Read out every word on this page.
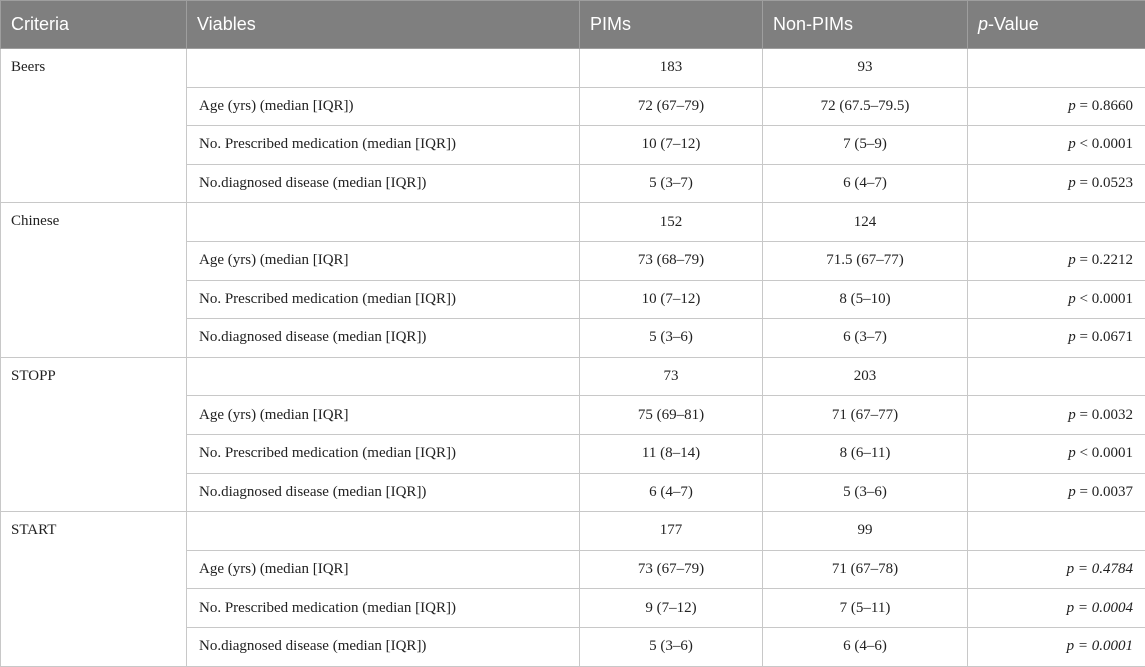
Criteria	Viables	PIMs	Non-PIMs	p-Value
Beers		183	93	
	Age (yrs) (median [IQR])	72 (67–79)	72 (67.5–79.5)	p = 0.8660
	No. Prescribed medication (median [IQR])	10 (7–12)	7 (5–9)	p < 0.0001
	No.diagnosed disease (median [IQR])	5 (3–7)	6 (4–7)	p = 0.0523
Chinese		152	124	
	Age (yrs) (median [IQR]	73 (68–79)	71.5 (67–77)	p = 0.2212
	No. Prescribed medication (median [IQR])	10 (7–12)	8 (5–10)	p < 0.0001
	No.diagnosed disease (median [IQR])	5 (3–6)	6 (3–7)	p = 0.0671
STOPP		73	203	
	Age (yrs) (median [IQR]	75 (69–81)	71 (67–77)	p = 0.0032
	No. Prescribed medication (median [IQR])	11 (8–14)	8 (6–11)	p < 0.0001
	No.diagnosed disease (median [IQR])	6 (4–7)	5 (3–6)	p = 0.0037
START		177	99	
	Age (yrs) (median [IQR]	73 (67–79)	71 (67–78)	p = 0.4784
	No. Prescribed medication (median [IQR])	9 (7–12)	7 (5–11)	p = 0.0004
	No.diagnosed disease (median [IQR])	5 (3–6)	6 (4–6)	p = 0.0001
